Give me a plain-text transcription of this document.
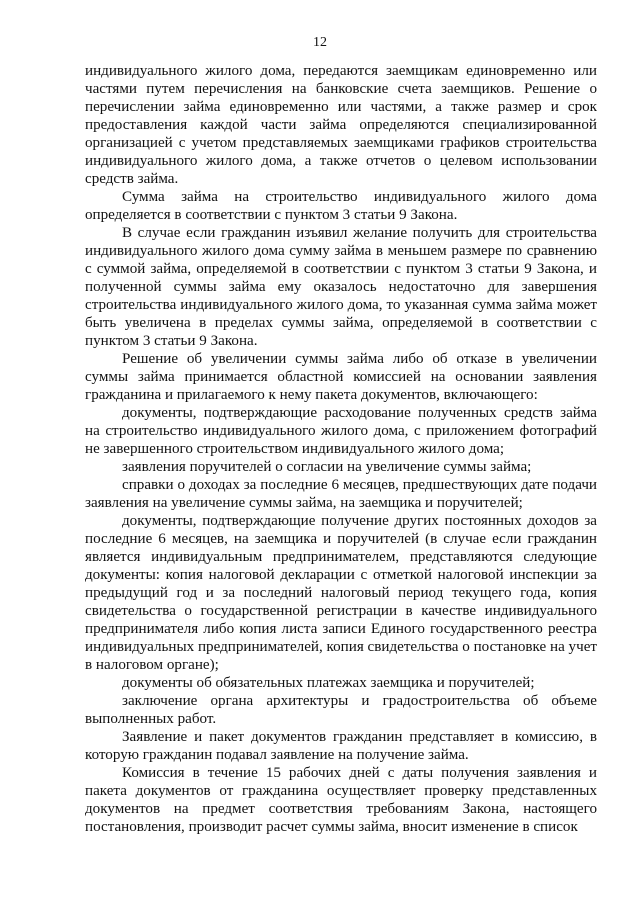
12

индивидуального жилого дома, передаются заемщикам единовременно или частями путем перечисления на банковские счета заемщиков. Решение о перечислении займа единовременно или частями, а также размер и срок предоставления каждой части займа определяются специализированной организацией с учетом представляемых заемщиками графиков строительства индивидуального жилого дома, а также отчетов о целевом использовании средств займа.

Сумма займа на строительство индивидуального жилого дома определяется в соответствии с пунктом 3 статьи 9 Закона.

В случае если гражданин изъявил желание получить для строительства индивидуального жилого дома сумму займа в меньшем размере по сравнению с суммой займа, определяемой в соответствии с пунктом 3 статьи 9 Закона, и полученной суммы займа ему оказалось недостаточно для завершения строительства индивидуального жилого дома, то указанная сумма займа может быть увеличена в пределах суммы займа, определяемой в соответствии с пунктом 3 статьи 9 Закона.

Решение об увеличении суммы займа либо об отказе в увеличении суммы займа принимается областной комиссией на основании заявления гражданина и прилагаемого к нему пакета документов, включающего:

документы, подтверждающие расходование полученных средств займа на строительство индивидуального жилого дома, с приложением фотографий не завершенного строительством индивидуального жилого дома;

заявления поручителей о согласии на увеличение суммы займа;

справки о доходах за последние 6 месяцев, предшествующих дате подачи заявления на увеличение суммы займа, на заемщика и поручителей;

документы, подтверждающие получение других постоянных доходов за последние 6 месяцев, на заемщика и поручителей (в случае если гражданин является индивидуальным предпринимателем, представляются следующие документы: копия налоговой декларации с отметкой налоговой инспекции за предыдущий год и за последний налоговый период текущего года, копия свидетельства о государственной регистрации в качестве индивидуального предпринимателя либо копия листа записи Единого государственного реестра индивидуальных предпринимателей, копия свидетельства о постановке на учет в налоговом органе);

документы об обязательных платежах заемщика и поручителей;

заключение органа архитектуры и градостроительства об объеме выполненных работ.

Заявление и пакет документов гражданин представляет в комиссию, в которую гражданин подавал заявление на получение займа.

Комиссия в течение 15 рабочих дней с даты получения заявления и пакета документов от гражданина осуществляет проверку представленных документов на предмет соответствия требованиям Закона, настоящего постановления, производит расчет суммы займа, вносит изменение в список
